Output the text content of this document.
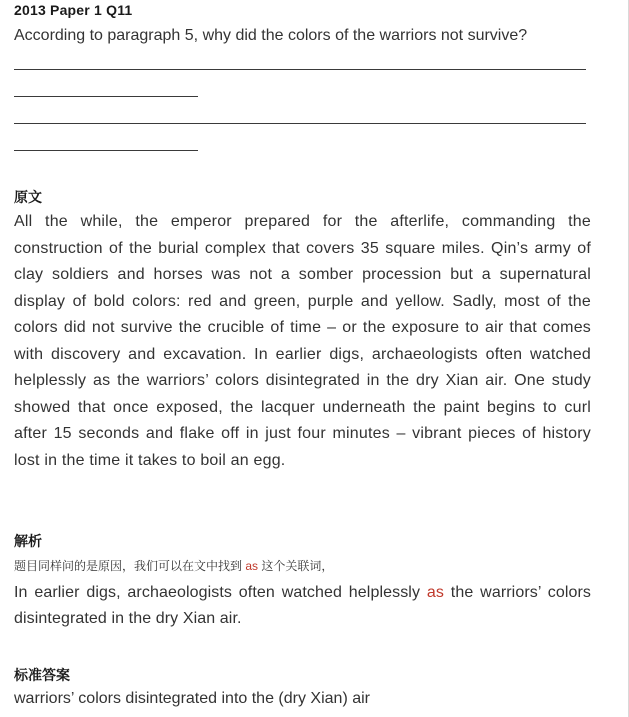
2013 Paper 1 Q11
According to paragraph 5, why did the colors of the warriors not survive?
原文
All the while, the emperor prepared for the afterlife, commanding the construction of the burial complex that covers 35 square miles. Qin’s army of clay soldiers and horses was not a somber procession but a supernatural display of bold colors: red and green, purple and yellow. Sadly, most of the colors did not survive the crucible of time – or the exposure to air that comes with discovery and excavation. In earlier digs, archaeologists often watched helplessly as the warriors’ colors disintegrated in the dry Xian air. One study showed that once exposed, the lacquer underneath the paint begins to curl after 15 seconds and flake off in just four minutes – vibrant pieces of history lost in the time it takes to boil an egg.
解析
题目同样问的是原因，我们可以在文中找到 as 这个关联词，
In earlier digs, archaeologists often watched helplessly as the warriors’ colors disintegrated in the dry Xian air.
标准答案
warriors’ colors disintegrated into the (dry Xian) air
